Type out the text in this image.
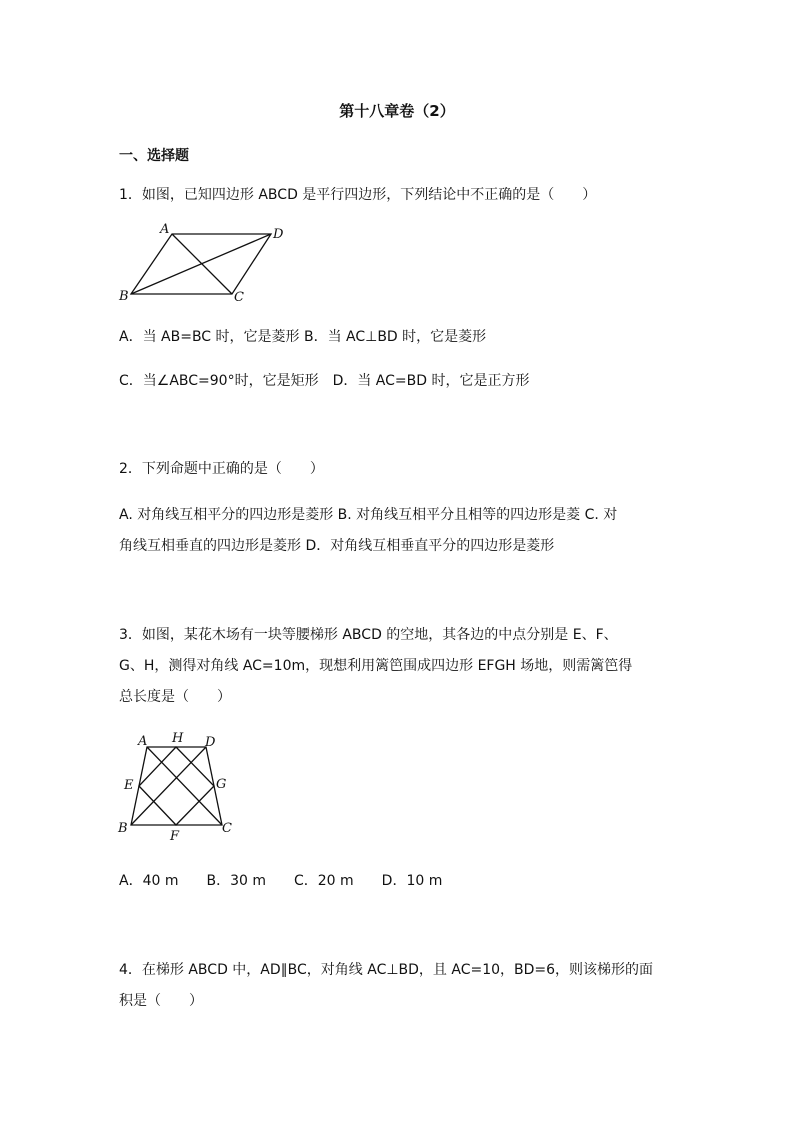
第十八章卷（2）
一、选择题
1．如图，已知四边形 ABCD 是平行四边形，下列结论中不正确的是（　　）
A	D
B	C
A．当 AB=BC 时，它是菱形 B．当 AC⊥BD 时，它是菱形
C．当∠ABC=90°时，它是矩形　D．当 AC=BD 时，它是正方形
2．下列命题中正确的是（　　）
A. 对角线互相平分的四边形是菱形 B. 对角线互相平分且相等的四边形是菱 C. 对
角线互相垂直的四边形是菱形 D．对角线互相垂直平分的四边形是菱形
3．如图，某花木场有一块等腰梯形 ABCD 的空地，其各边的中点分别是 E、F、
G、H，测得对角线 AC=10m，现想利用篱笆围成四边形 EFGH 场地，则需篱笆得
总长度是（　　）
A H D
E	G
B
F
C
A．40 m　　B．30 m　　C．20 m　　D．10 m
4．在梯形 ABCD 中，AD∥BC，对角线 AC⊥BD，且 AC=10，BD=6，则该梯形的面
积是（　　）
